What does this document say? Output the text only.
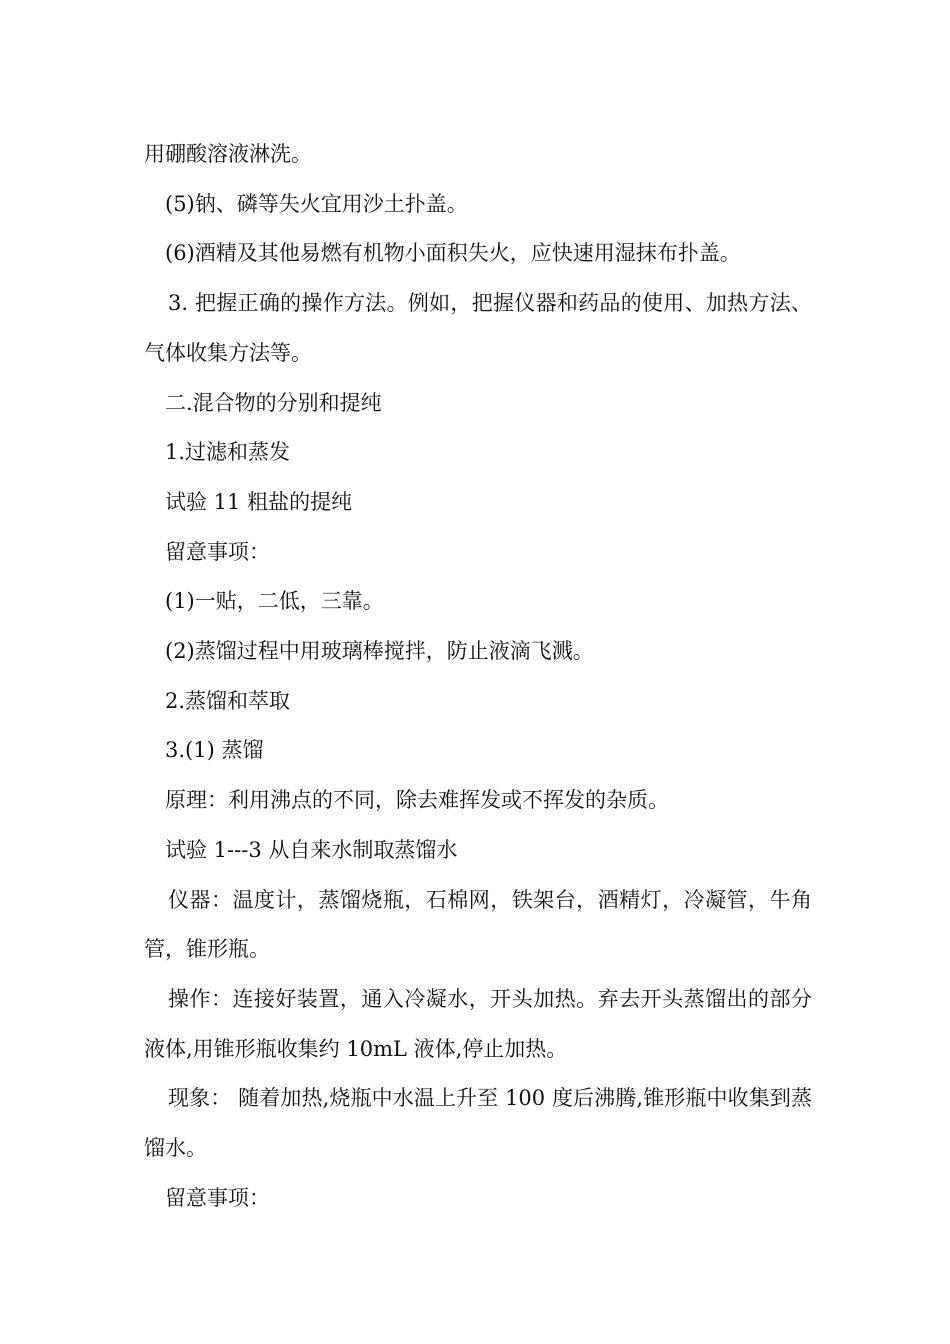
用硼酸溶液淋洗。

(5)钠、磷等失火宜用沙土扑盖。

(6)酒精及其他易燃有机物小面积失火，应快速用湿抹布扑盖。

3. 把握正确的操作方法。例如，把握仪器和药品的使用、加热方法、气体收集方法等。

二.混合物的分别和提纯

1.过滤和蒸发

试验 11 粗盐的提纯

留意事项：

(1)一贴，二低，三靠。

(2)蒸馏过程中用玻璃棒搅拌，防止液滴飞溅。

2.蒸馏和萃取

3.(1) 蒸馏

原理：利用沸点的不同，除去难挥发或不挥发的杂质。

试验 1---3 从自来水制取蒸馏水

仪器：温度计，蒸馏烧瓶，石棉网，铁架台，酒精灯，冷凝管，牛角管，锥形瓶。

操作：连接好装置，通入冷凝水，开头加热。弃去开头蒸馏出的部分液体,用锥形瓶收集约 10mL 液体,停止加热。

现象： 随着加热,烧瓶中水温上升至 100 度后沸腾,锥形瓶中收集到蒸馏水。

留意事项：
